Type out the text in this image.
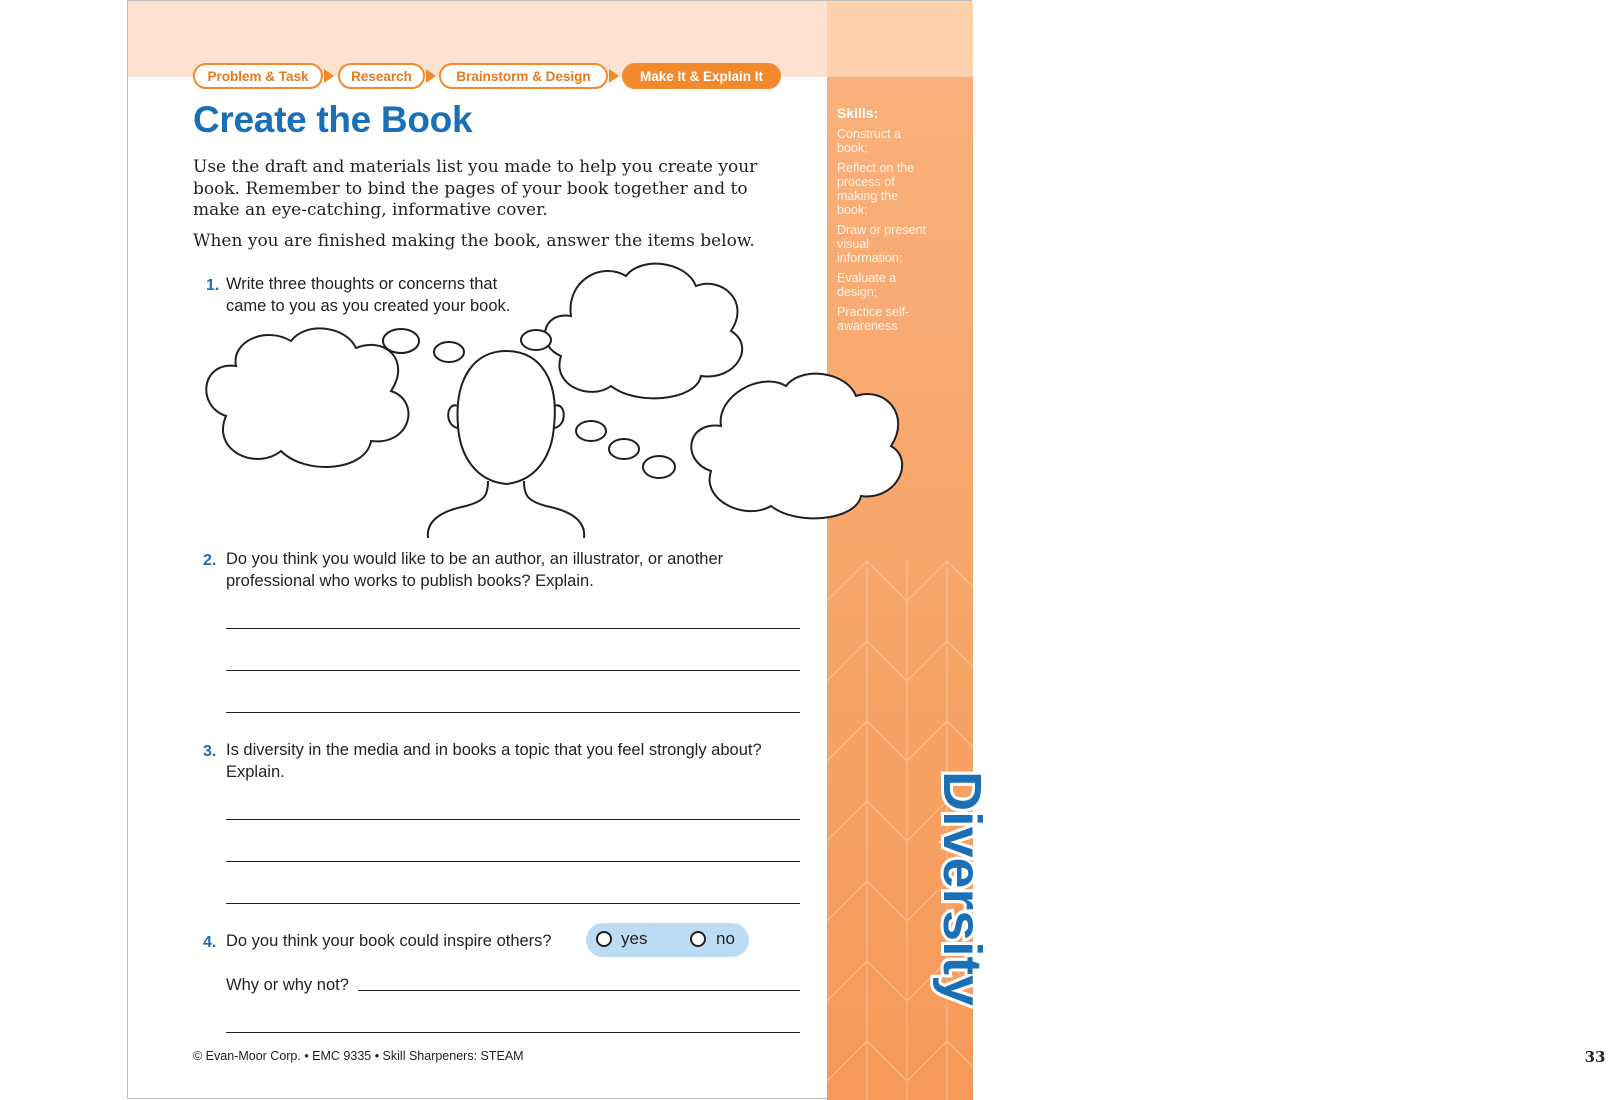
Skills:
Construct a book;
Reflect on the process of making the book;
Draw or present visual information;
Evaluate a design;
Practice self-awareness
33
Diversity
Problem & Task	Research	Brainstorm & Design	Make It & Explain It
Create the Book
Use the draft and materials list you made to help you create your book. Remember to bind the pages of your book together and to make an eye-catching, informative cover.
When you are finished making the book, answer the items below.
1. Write three thoughts or concerns that came to you as you created your book.
2. Do you think you would like to be an author, an illustrator, or another professional who works to publish books? Explain.
3. Is diversity in the media and in books a topic that you feel strongly about? Explain.
4. Do you think your book could inspire others?	yes	no
Why or why not?
© Evan-Moor Corp. • EMC 9335 • Skill Sharpeners: STEAM
